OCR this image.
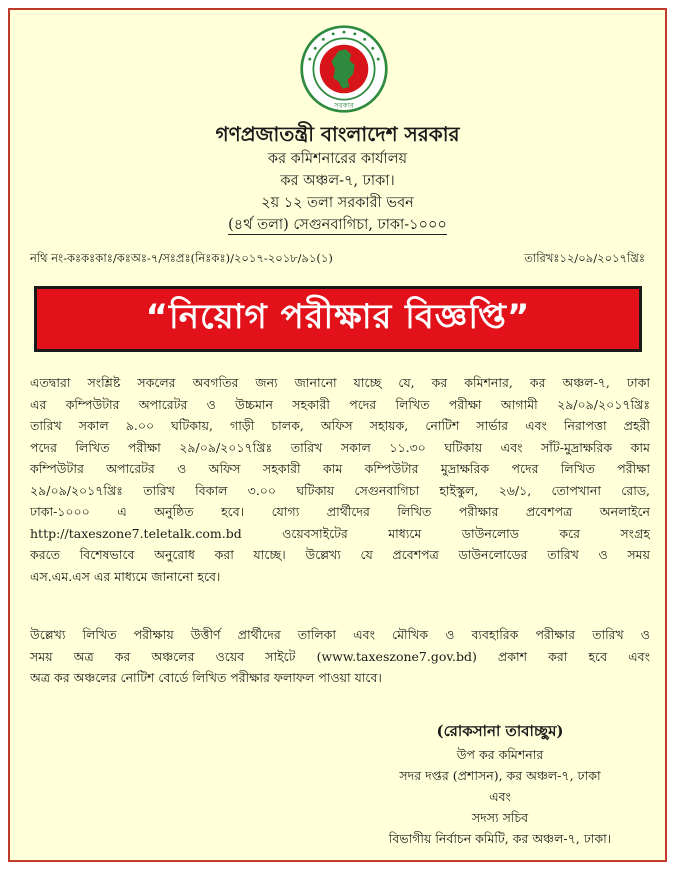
সরকার
গণপ্রজাতন্ত্রী বাংলাদেশ সরকার
কর কমিশনারের কার্যালয়
কর অঞ্চল-৭, ঢাকা।
২য় ১২ তলা সরকারী ভবন
(৪র্থ তলা) সেগুনবাগিচা, ঢাকা-১০০০
নথি নং-কঃকঃকাঃ/কঃঅঃ-৭/সঃপ্রঃ(নিঃকঃ)/২০১৭-২০১৮/৯১(১)	তারিখঃ১২/০৯/২০১৭খ্রিঃ
“নিয়োগ পরীক্ষার বিজ্ঞপ্তি”
এতদ্বারা সংশ্লিষ্ট সকলের অবগতির জন্য জানানো যাচ্ছে যে, কর কমিশনার, কর অঞ্চল-৭, ঢাকা
এর কম্পিউটার অপারেটর ও উচ্চমান সহকারী পদের লিখিত পরীক্ষা আগামী ২৯/০৯/২০১৭খ্রিঃ
তারিখ সকাল ৯.০০ ঘটিকায়, গাড়ী চালক, অফিস সহায়ক, নোটিশ সার্ভার এবং নিরাপত্তা প্রহরী
পদের লিখিত পরীক্ষা ২৯/০৯/২০১৭খ্রিঃ তারিখ সকাল ১১.৩০ ঘটিকায় এবং সাঁট-মুদ্রাক্ষরিক কাম
কম্পিউটার অপারেটর ও অফিস সহকারী কাম কম্পিউটার মুদ্রাক্ষরিক পদের লিখিত পরীক্ষা
২৯/০৯/২০১৭খ্রিঃ তারিখ বিকাল ৩.০০ ঘটিকায় সেগুনবাগিচা হাইস্কুল, ২৬/১, তোপখানা রোড,
ঢাকা-১০০০ এ অনুষ্ঠিত হবে। যোগ্য প্রার্থীদের লিখিত পরীক্ষার প্রবেশপত্র অনলাইনে
http://taxeszone7.teletalk.com.bd ওয়েবসাইটের মাধ্যমে ডাউনলোড করে সংগ্রহ
করতে বিশেষভাবে অনুরোধ করা যাচ্ছে। উল্লেখ্য যে প্রবেশপত্র ডাউনলোডের তারিখ ও সময়
এস.এম.এস এর মাধ্যমে জানানো হবে।
উল্লেখ্য লিখিত পরীক্ষায় উত্তীর্ণ প্রার্থীদের তালিকা এবং মৌখিক ও ব্যবহারিক পরীক্ষার তারিখ ও
সময় অত্র কর অঞ্চলের ওয়েব সাইটে (www.taxeszone7.gov.bd) প্রকাশ করা হবে এবং
অত্র কর অঞ্চলের নোটিশ বোর্ডে লিখিত পরীক্ষার ফলাফল পাওয়া যাবে।
(রোকসানা তাবাচ্ছুম)
উপ কর কমিশনার
সদর দপ্তর (প্রশাসন), কর অঞ্চল-৭, ঢাকা
এবং
সদস্য সচিব
বিভাগীয় নির্বাচন কমিটি, কর অঞ্চল-৭, ঢাকা।
